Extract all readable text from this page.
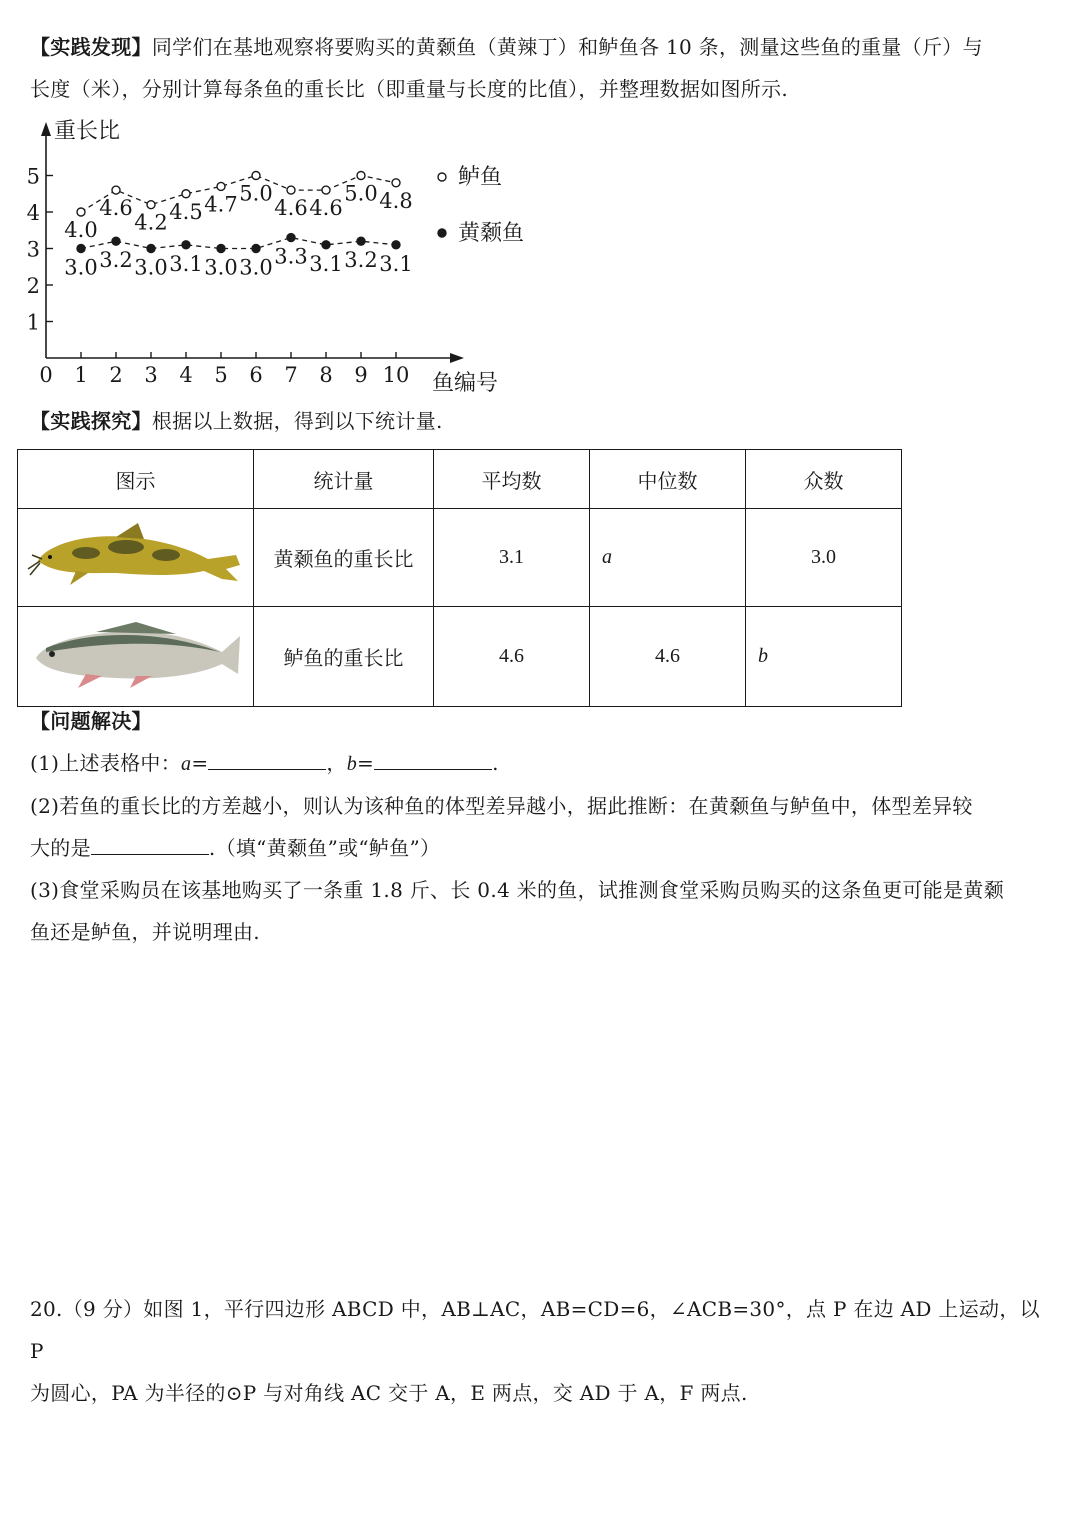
【实践发现】同学们在基地观察将要购买的黄颡鱼（黄辣丁）和鲈鱼各 10 条，测量这些鱼的重量（斤）与
长度（米），分别计算每条鱼的重长比（即重量与长度的比值），并整理数据如图所示.
重长比
鱼编号
1
2
3
4
5
0 1 2 3 4 5 6 7 8 9 10
4.0
4.6
4.2 4.5 4.7 5.0
4.6 4.6
5.0 4.8
3.0 3.2 3.0 3.1 3.0 3.0 3.3 3.1 3.2 3.1
鲈鱼
黄颡鱼
【实践探究】根据以上数据，得到以下统计量.
图示	统计量	平均数	中位数	众数
	黄颡鱼的重长比	3.1	a	3.0
	鲈鱼的重长比	4.6	4.6	b
【问题解决】
(1)上述表格中：a=	，b=	.
(2)若鱼的重长比的方差越小，则认为该种鱼的体型差异越小，据此推断：在黄颡鱼与鲈鱼中，体型差异较
大的是	.（填“黄颡鱼”或“鲈鱼”）
(3)食堂采购员在该基地购买了一条重 1.8 斤、长 0.4 米的鱼，试推测食堂采购员购买的这条鱼更可能是黄颡
鱼还是鲈鱼，并说明理由.
20.（9 分）如图 1，平行四边形 ABCD 中，AB⊥AC，AB=CD=6，∠ACB=30°，点 P 在边 AD 上运动，以 P
为圆心，PA 为半径的⊙P 与对角线 AC 交于 A，E 两点，交 AD 于 A，F 两点.
